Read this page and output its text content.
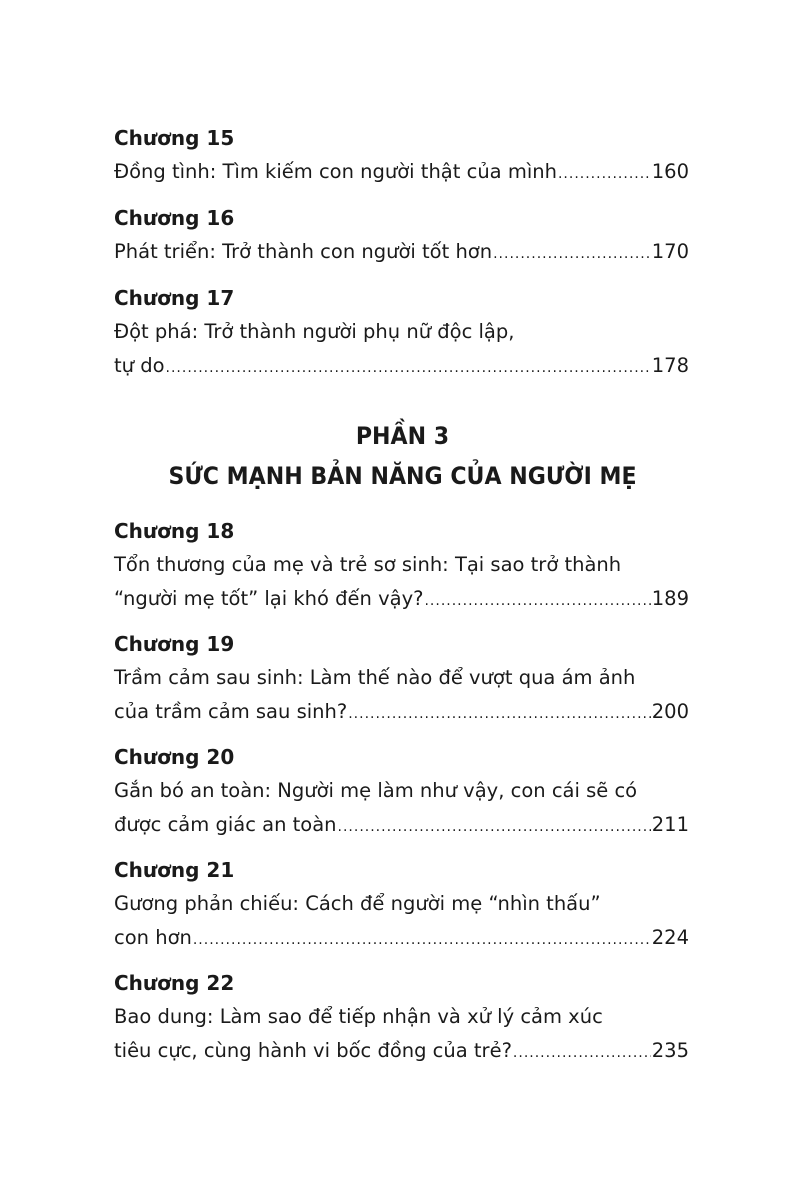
Chương 15
Đồng tình: Tìm kiếm con người thật của mình .....	160
Chương 16
Phát triển: Trở thành con người tốt hơn .....	170
Chương 17
Đột phá: Trở thành người phụ nữ độc lập,
tự do .....	178
PHẦN 3
SỨC MẠNH BẢN NĂNG CỦA NGƯỜI MẸ
Chương 18
Tổn thương của mẹ và trẻ sơ sinh: Tại sao trở thành
“người mẹ tốt” lại khó đến vậy? .....	189
Chương 19
Trầm cảm sau sinh: Làm thế nào để vượt qua ám ảnh
của trầm cảm sau sinh? .....	200
Chương 20
Gắn bó an toàn: Người mẹ làm như vậy, con cái sẽ có
được cảm giác an toàn .....	211
Chương 21
Gương phản chiếu: Cách để người mẹ “nhìn thấu”
con hơn .....	224
Chương 22
Bao dung: Làm sao để tiếp nhận và xử lý cảm xúc
tiêu cực, cùng hành vi bốc đồng của trẻ? .....	235
